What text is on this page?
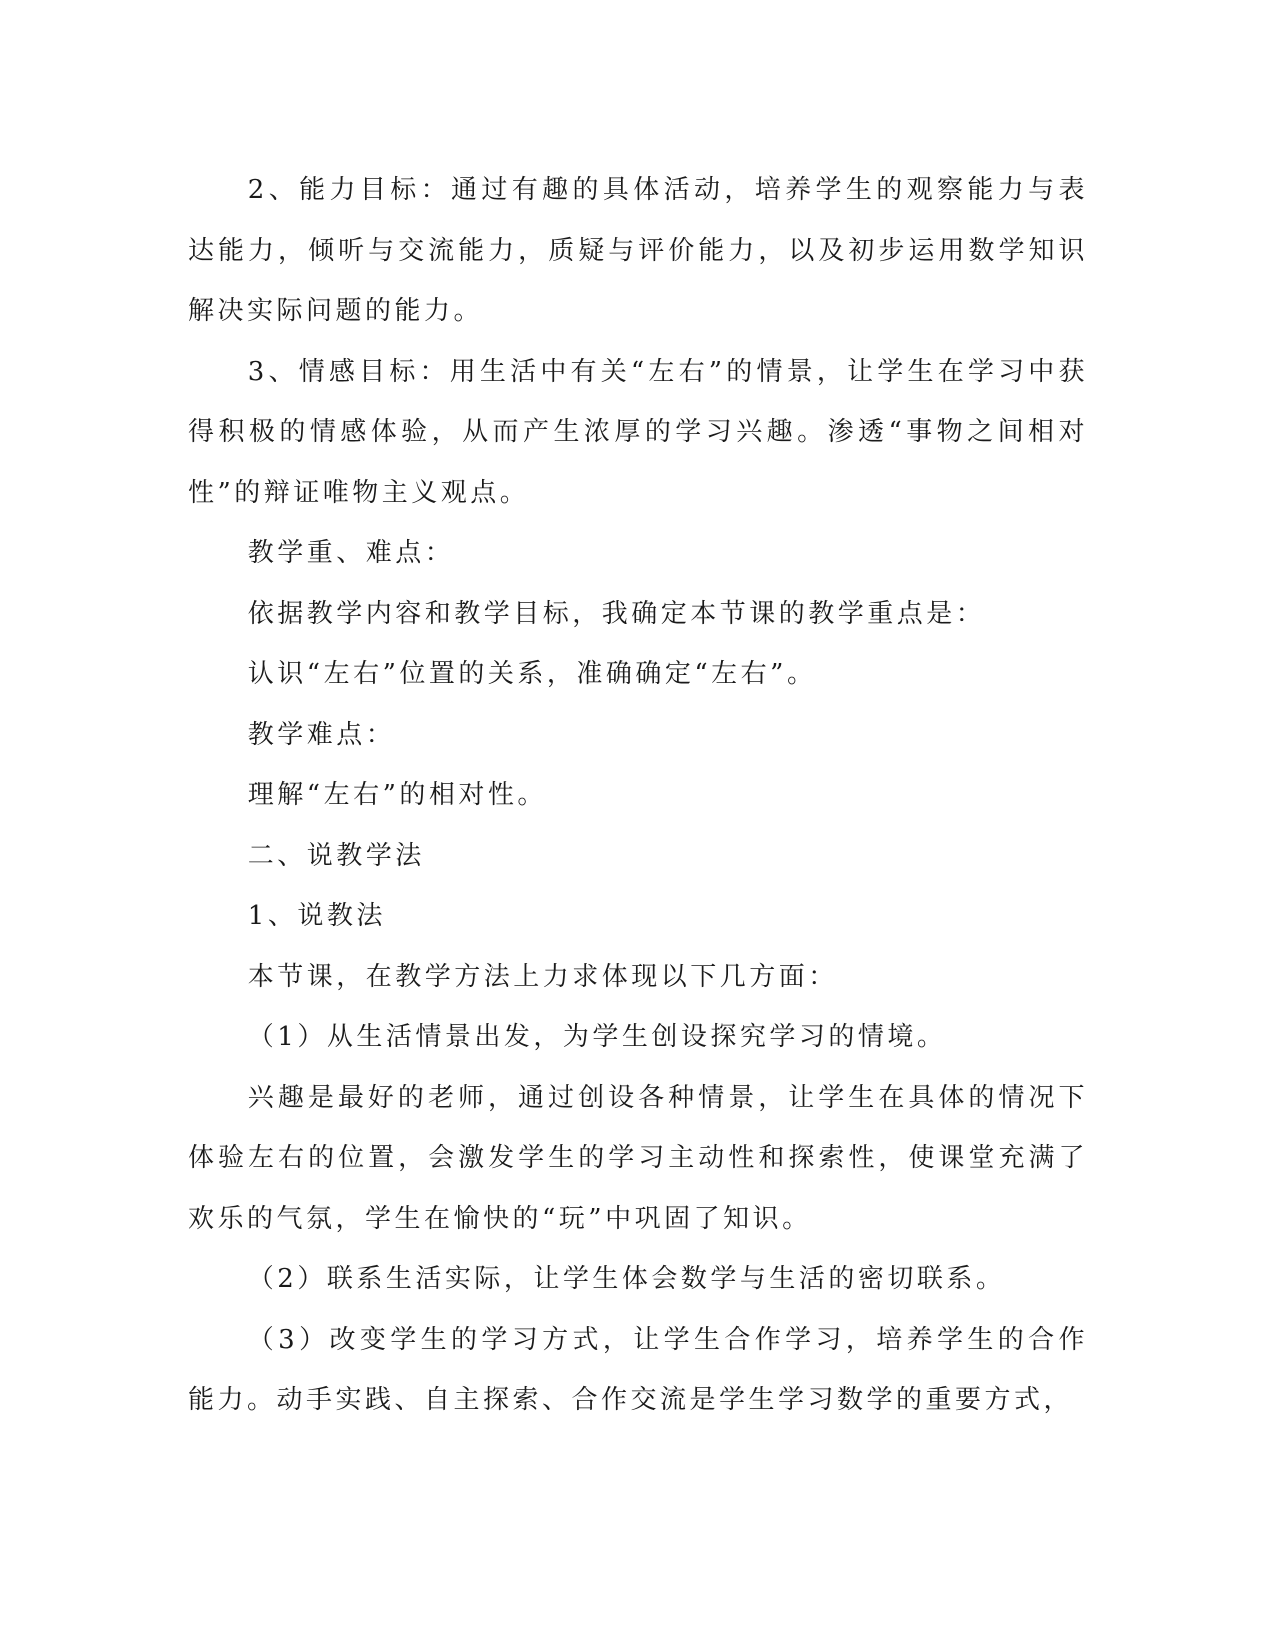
2、能力目标：通过有趣的具体活动，培养学生的观察能力与表达能力，倾听与交流能力，质疑与评价能力，以及初步运用数学知识解决实际问题的能力。

3、情感目标：用生活中有关“左右”的情景，让学生在学习中获得积极的情感体验，从而产生浓厚的学习兴趣。渗透“事物之间相对性”的辩证唯物主义观点。

教学重、难点：

依据教学内容和教学目标，我确定本节课的教学重点是：

认识“左右”位置的关系，准确确定“左右”。

教学难点：

理解“左右”的相对性。

二、说教学法

1、说教法

本节课，在教学方法上力求体现以下几方面：

（1）从生活情景出发，为学生创设探究学习的情境。

兴趣是最好的老师，通过创设各种情景，让学生在具体的情况下体验左右的位置，会激发学生的学习主动性和探索性，使课堂充满了欢乐的气氛，学生在愉快的“玩”中巩固了知识。

（2）联系生活实际，让学生体会数学与生活的密切联系。

（3）改变学生的学习方式，让学生合作学习，培养学生的合作能力。动手实践、自主探索、合作交流是学生学习数学的重要方式，
